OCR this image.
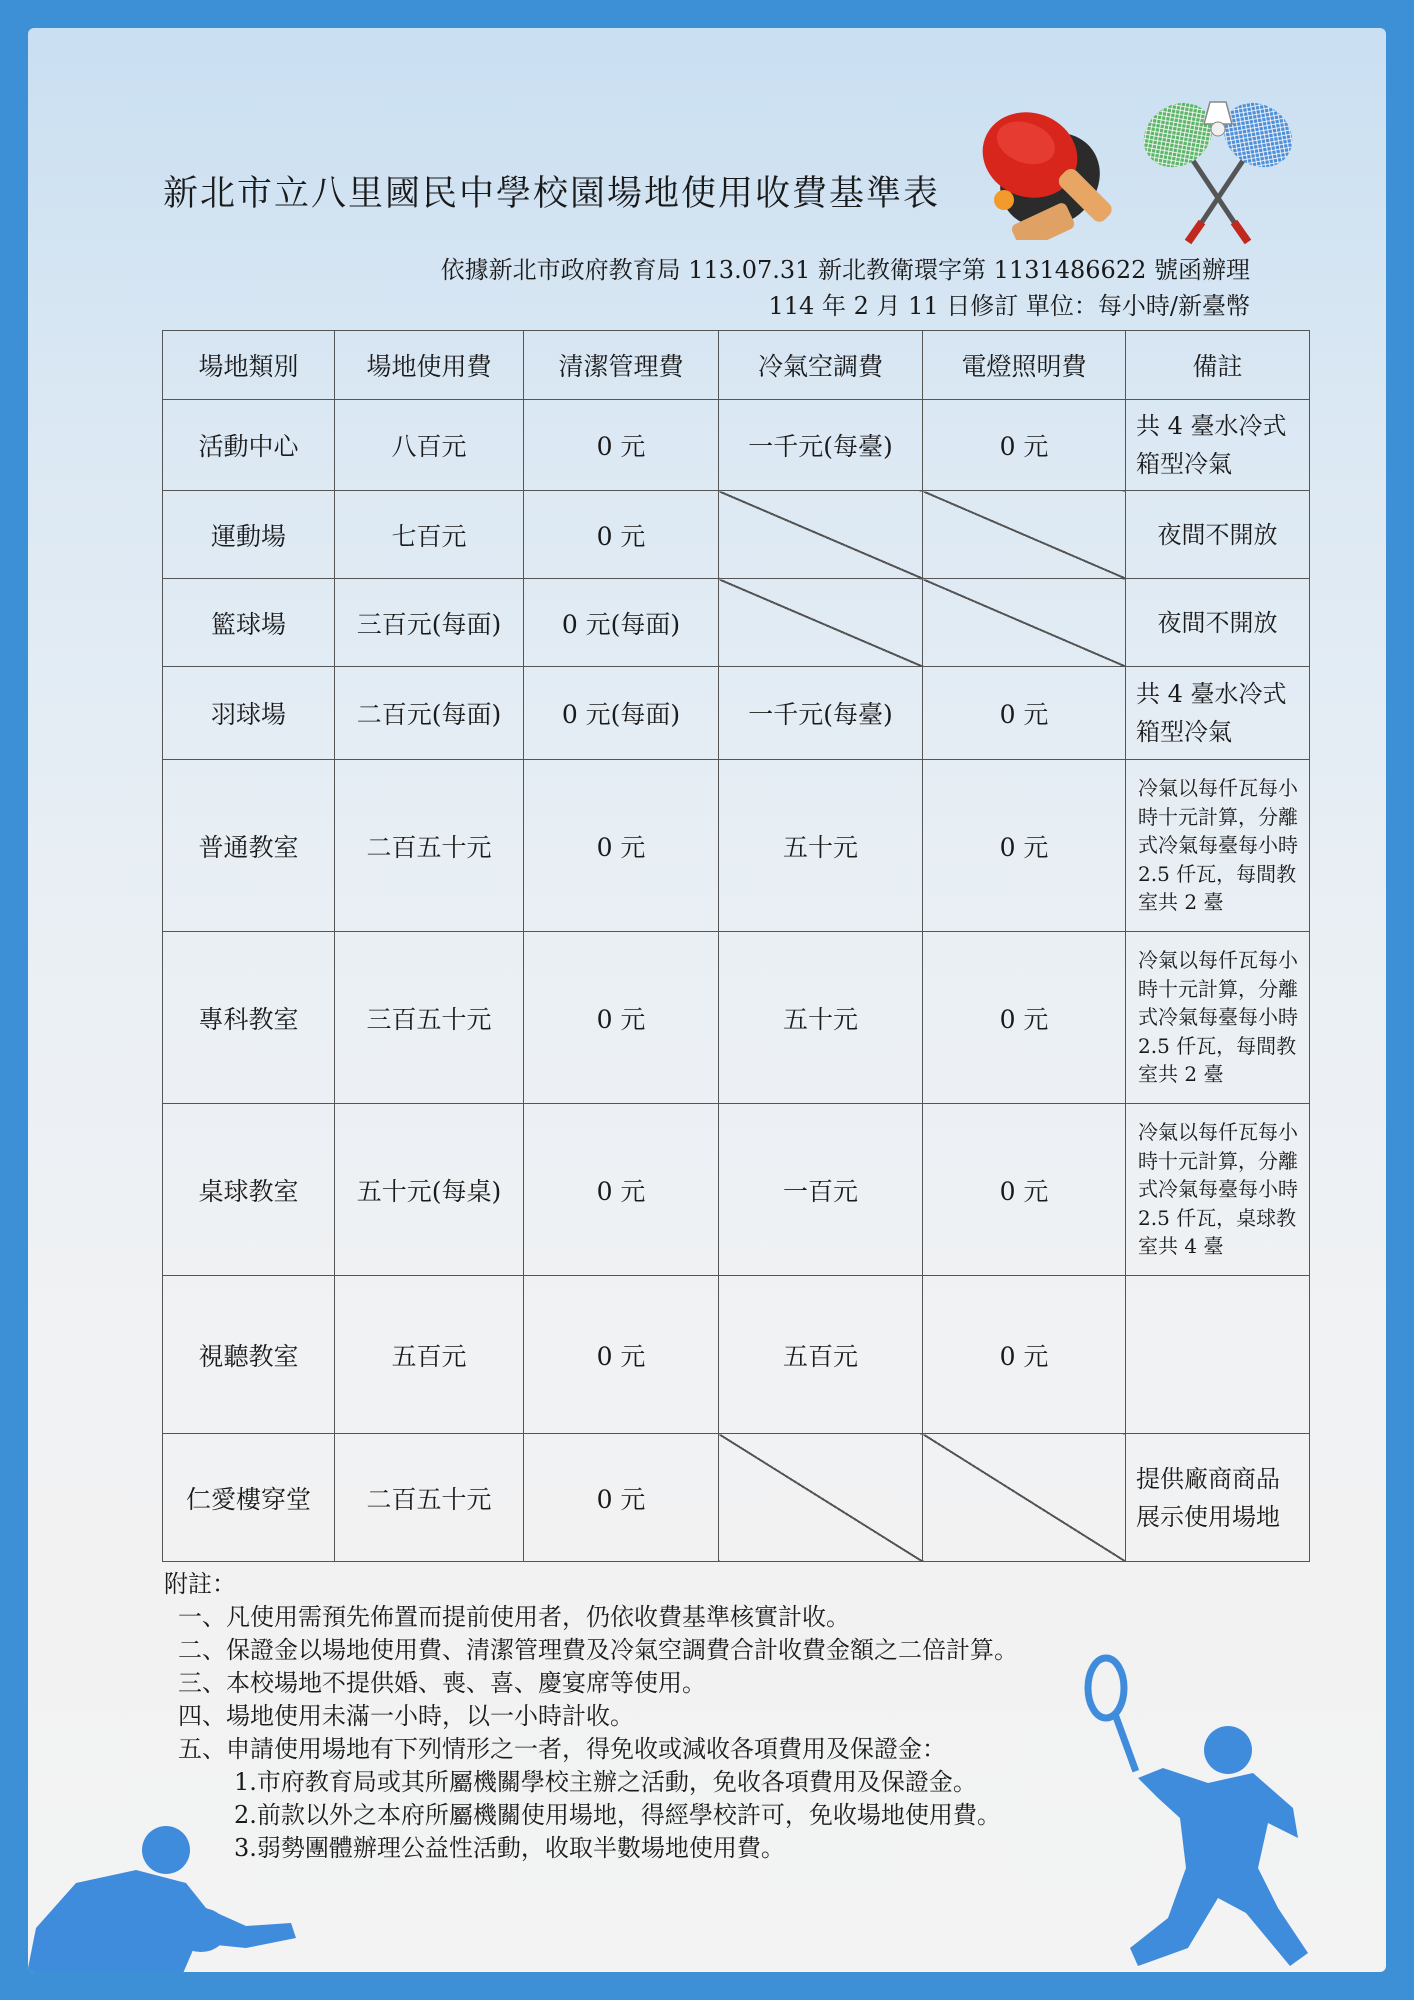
新北市立八里國民中學校園場地使用收費基準表
依據新北市政府教育局 113.07.31 新北教衛環字第 1131486622 號函辦理
114 年 2 月 11 日修訂 單位：每小時/新臺幣
場地類別	場地使用費	清潔管理費	冷氣空調費	電燈照明費	備註
活動中心	八百元	0 元	一千元(每臺)	0 元	共 4 臺水冷式箱型冷氣
運動場	七百元	0 元			夜間不開放
籃球場	三百元(每面)	0 元(每面)			夜間不開放
羽球場	二百元(每面)	0 元(每面)	一千元(每臺)	0 元	共 4 臺水冷式箱型冷氣
普通教室	二百五十元	0 元	五十元	0 元	冷氣以每仟瓦每小時十元計算，分離式冷氣每臺每小時 2.5 仟瓦，每間教室共 2 臺
專科教室	三百五十元	0 元	五十元	0 元	冷氣以每仟瓦每小時十元計算，分離式冷氣每臺每小時 2.5 仟瓦，每間教室共 2 臺
桌球教室	五十元(每桌)	0 元	一百元	0 元	冷氣以每仟瓦每小時十元計算，分離式冷氣每臺每小時 2.5 仟瓦，桌球教室共 4 臺
視聽教室	五百元	0 元	五百元	0 元	
仁愛樓穿堂	二百五十元	0 元			提供廠商商品展示使用場地
附註：
一、凡使用需預先佈置而提前使用者，仍依收費基準核實計收。
二、保證金以場地使用費、清潔管理費及冷氣空調費合計收費金額之二倍計算。
三、本校場地不提供婚、喪、喜、慶宴席等使用。
四、場地使用未滿一小時，以一小時計收。
五、申請使用場地有下列情形之一者，得免收或減收各項費用及保證金：
1.市府教育局或其所屬機關學校主辦之活動，免收各項費用及保證金。
2.前款以外之本府所屬機關使用場地，得經學校許可，免收場地使用費。
3.弱勢團體辦理公益性活動，收取半數場地使用費。
